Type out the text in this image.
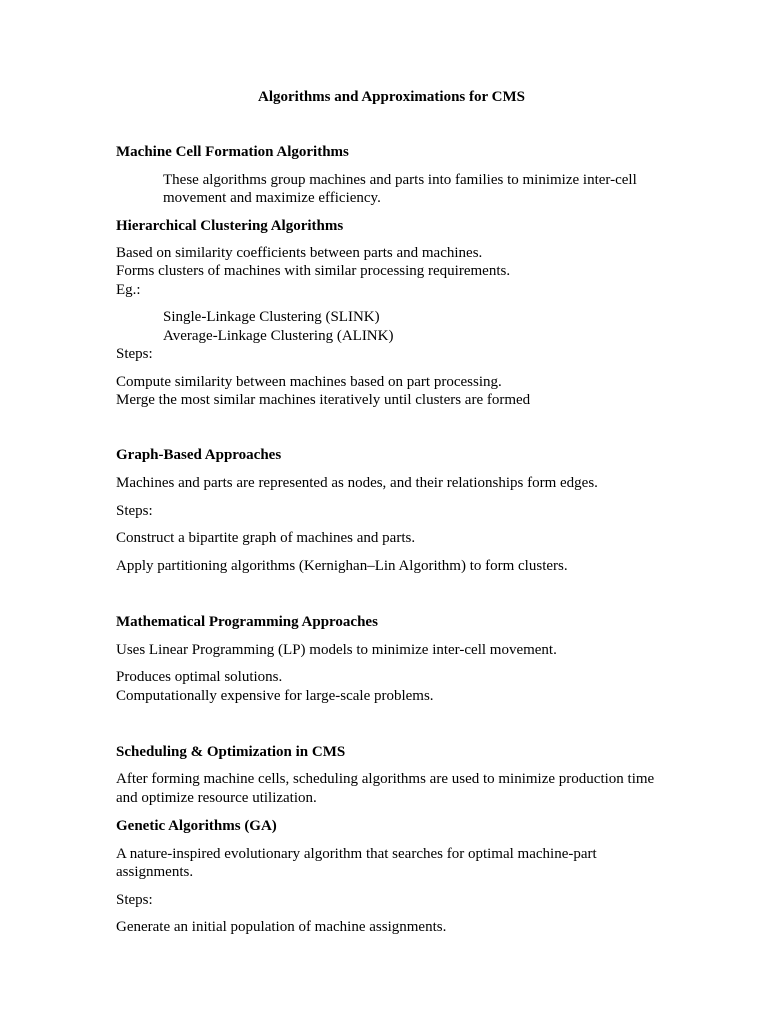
Algorithms and Approximations for CMS
Machine Cell Formation Algorithms
These algorithms group machines and parts into families to minimize inter-cell
movement and maximize efficiency.
Hierarchical Clustering Algorithms
Based on similarity coefficients between parts and machines.
Forms clusters of machines with similar processing requirements.
Eg.:
Single-Linkage Clustering (SLINK)
Average-Linkage Clustering (ALINK)
Steps:
Compute similarity between machines based on part processing.
Merge the most similar machines iteratively until clusters are formed
Graph-Based Approaches
Machines and parts are represented as nodes, and their relationships form edges.
Steps:
Construct a bipartite graph of machines and parts.
Apply partitioning algorithms (Kernighan–Lin Algorithm) to form clusters.
Mathematical Programming Approaches
Uses Linear Programming (LP) models to minimize inter-cell movement.
Produces optimal solutions.
Computationally expensive for large-scale problems.
Scheduling & Optimization in CMS
After forming machine cells, scheduling algorithms are used to minimize production time
and optimize resource utilization.
Genetic Algorithms (GA)
A nature-inspired evolutionary algorithm that searches for optimal machine-part
assignments.
Steps:
Generate an initial population of machine assignments.
